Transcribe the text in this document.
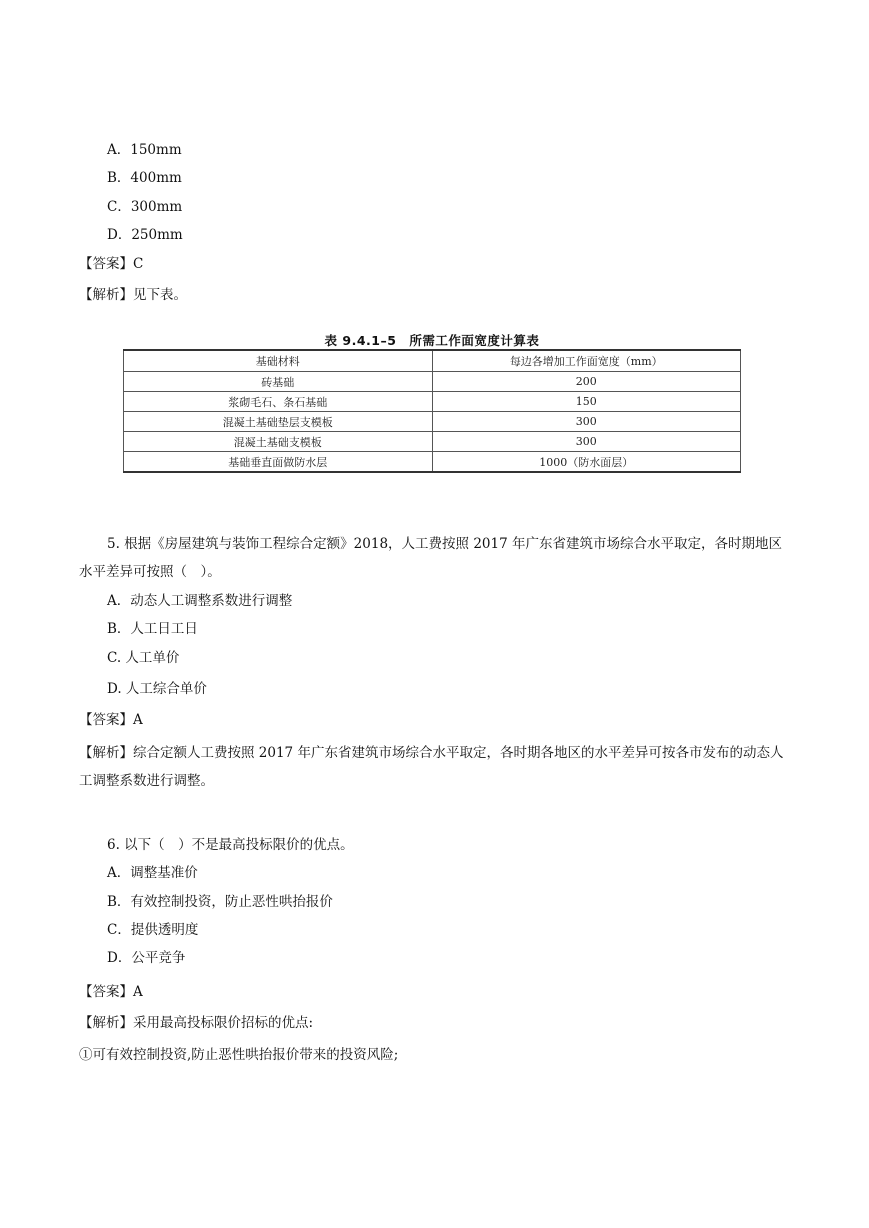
A．150mm
B．400mm
C．300mm
D．250mm
【答案】C
【解析】见下表。
表 9.4.1–5　所需工作面宽度计算表
基础材料	每边各增加工作面宽度（mm）
砖基础	200
浆砌毛石、条石基础	150
混凝土基础垫层支模板	300
混凝土基础支模板	300
基础垂直面做防水层	1000（防水面层）
5. 根据《房屋建筑与装饰工程综合定额》2018，人工费按照 2017 年广东省建筑市场综合水平取定，各时期地区水平差异可按照（　）。
A．动态人工调整系数进行调整
B．人工日工日
C. 人工单价
D. 人工综合单价
【答案】A
【解析】综合定额人工费按照 2017 年广东省建筑市场综合水平取定，各时期各地区的水平差异可按各市发布的动态人工调整系数进行调整。
6. 以下（　）不是最高投标限价的优点。
A．调整基准价
B．有效控制投资，防止恶性哄抬报价
C．提供透明度
D．公平竞争
【答案】A
【解析】采用最高投标限价招标的优点:
①可有效控制投资,防止恶性哄抬报价带来的投资风险;
